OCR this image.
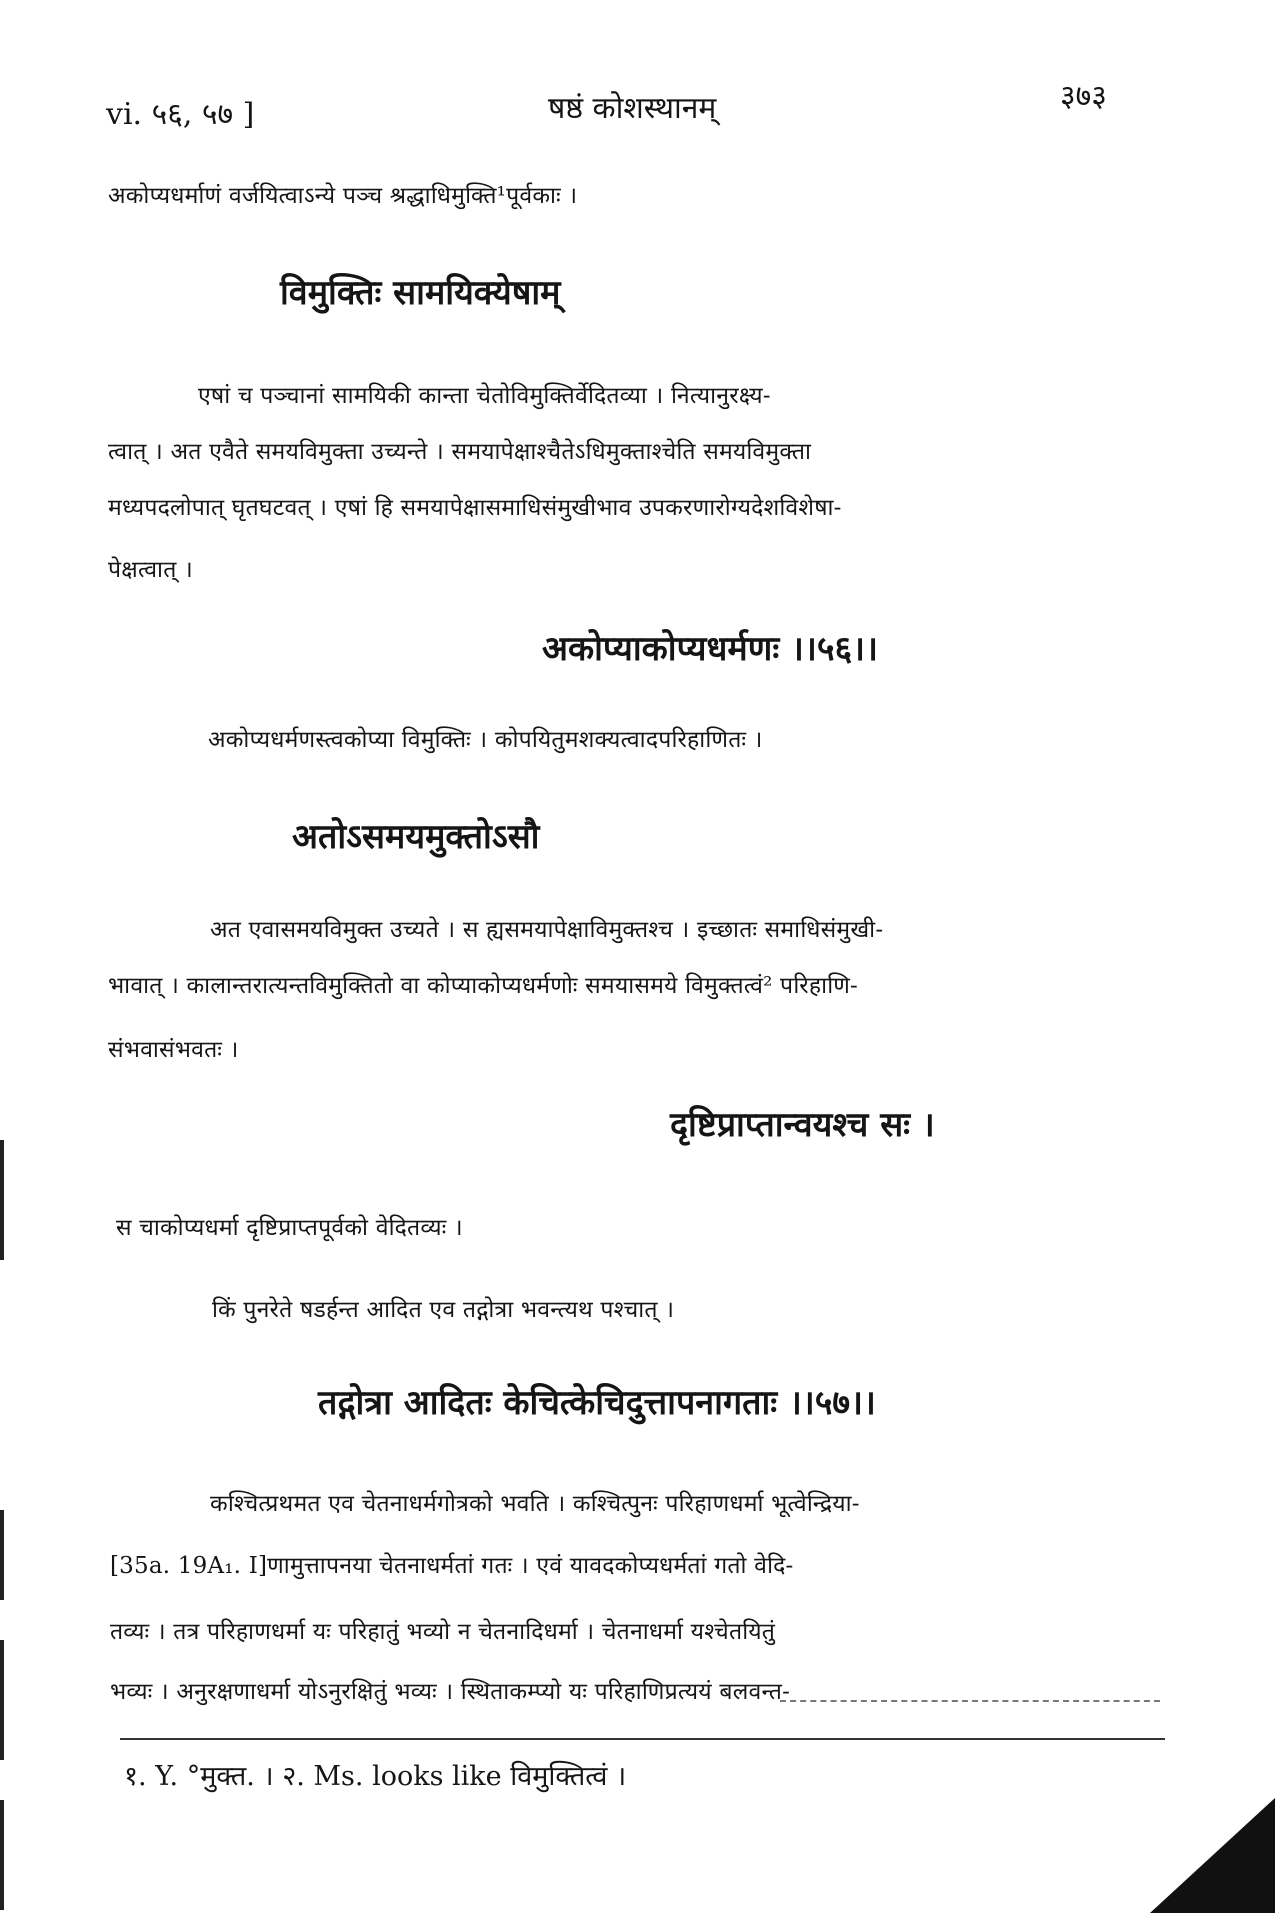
vi. ५६, ५७ ]	षष्ठं कोशस्थानम्	३७३
अकोप्यधर्माणं वर्जयित्वाऽन्ये पञ्च श्रद्धाधिमुक्ति¹पूर्वकाः ।
विमुक्तिः सामयिक्येषाम्
एषां च पञ्चानां सामयिकी कान्ता चेतोविमुक्तिर्वेदितव्या । नित्यानुरक्ष्य-
त्वात् । अत एवैते समयविमुक्ता उच्यन्ते । समयापेक्षाश्चैतेऽधिमुक्ताश्चेति समयविमुक्ता
मध्यपदलोपात् घृतघटवत् । एषां हि समयापेक्षासमाधिसंमुखीभाव उपकरणारोग्यदेशविशेषा-
पेक्षत्वात् ।
अकोप्याकोप्यधर्मणः ।।५६।।
अकोप्यधर्मणस्त्वकोप्या विमुक्तिः । कोपयितुमशक्यत्वादपरिहाणितः ।
अतोऽसमयमुक्तोऽसौ
अत एवासमयविमुक्त उच्यते । स ह्यसमयापेक्षाविमुक्तश्च । इच्छातः समाधिसंमुखी-
भावात् । कालान्तरात्यन्तविमुक्तितो वा कोप्याकोप्यधर्मणोः समयासमये विमुक्तत्वं² परिहाणि-
संभवासंभवतः ।
दृष्टिप्राप्तान्वयश्च सः ।
स चाकोप्यधर्मा दृष्टिप्राप्तपूर्वको वेदितव्यः ।
किं पुनरेते षडर्हन्त आदित एव तद्गोत्रा भवन्त्यथ पश्चात् ।
तद्गोत्रा आदितः केचित्केचिदुत्तापनागताः ।।५७।।
कश्चित्प्रथमत एव चेतनाधर्मगोत्रको भवति । कश्चित्पुनः परिहाणधर्मा भूत्वेन्द्रिया-
[35a. 19A₁. I]णामुत्तापनया चेतनाधर्मतां गतः । एवं यावदकोप्यधर्मतां गतो वेदि-
तव्यः । तत्र परिहाणधर्मा यः परिहातुं भव्यो न चेतनादिधर्मा । चेतनाधर्मा यश्चेतयितुं
भव्यः । अनुरक्षणाधर्मा योऽनुरक्षितुं भव्यः । स्थिताकम्प्यो यः परिहाणिप्रत्ययं बलवन्त-
१. Y. °मुक्त. । २. Ms. looks like विमुक्तित्वं ।
